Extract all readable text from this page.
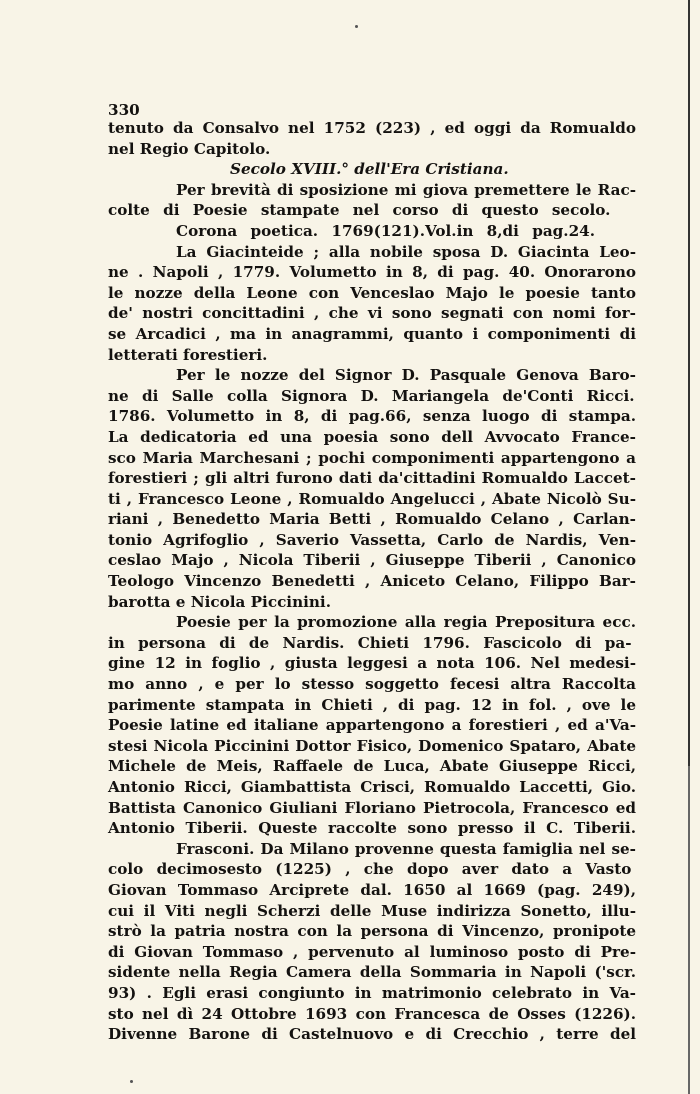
330
tenuto da Consalvo nel 1752 (223) , ed oggi da Romualdo
nel Regio Capitolo.
Secolo XVIII.° dell'Era Cristiana.
Per brevità di sposizione mi giova premettere le Rac-
colte di Poesie stampate nel corso di questo secolo.
Corona poetica. 1769(121).Vol.in 8,di pag.24.
La Giacinteide ; alla nobile sposa D. Giacinta Leo-
ne . Napoli , 1779. Volumetto in 8, di pag. 40. Onorarono
le nozze della Leone con Venceslao Majo le poesie tanto
de' nostri concittadini , che vi sono segnati con nomi for-
se Arcadici , ma in anagrammi, quanto i componimenti di
letterati forestieri.
Per le nozze del Signor D. Pasquale Genova Baro-
ne di Salle colla Signora D. Mariangela de'Conti Ricci.
1786. Volumetto in 8, di pag.66, senza luogo di stampa.
La dedicatoria ed una poesia sono dell Avvocato France-
sco Maria Marchesani ; pochi componimenti appartengono a
forestieri ; gli altri furono dati da'cittadini Romualdo Laccet-
ti , Francesco Leone , Romualdo Angelucci , Abate Nicolò Su-
riani , Benedetto Maria Betti , Romualdo Celano , Carlan-
tonio Agrifoglio , Saverio Vassetta, Carlo de Nardis, Ven-
ceslao Majo , Nicola Tiberii , Giuseppe Tiberii , Canonico
Teologo Vincenzo Benedetti , Aniceto Celano, Filippo Bar-
barotta e Nicola Piccinini.
Poesie per la promozione alla regia Prepositura ecc.
in persona di de Nardis. Chieti 1796. Fascicolo di pa-
gine 12 in foglio , giusta leggesi a nota 106. Nel medesi-
mo anno , e per lo stesso soggetto fecesi altra Raccolta
parimente stampata in Chieti , di pag. 12 in fol. , ove le
Poesie latine ed italiane appartengono a forestieri , ed a'Va-
stesi Nicola Piccinini Dottor Fisico, Domenico Spataro, Abate
Michele de Meis, Raffaele de Luca, Abate Giuseppe Ricci,
Antonio Ricci, Giambattista Crisci, Romualdo Laccetti, Gio.
Battista Canonico Giuliani Floriano Pietrocola, Francesco ed
Antonio Tiberii. Queste raccolte sono presso il C. Tiberii.
Frasconi. Da Milano provenne questa famiglia nel se-
colo decimosesto (1225) , che dopo aver dato a Vasto
Giovan Tommaso Arciprete dal. 1650 al 1669 (pag. 249),
cui il Viti negli Scherzi delle Muse indirizza Sonetto, illu-
strò la patria nostra con la persona di Vincenzo, pronipote
di Giovan Tommaso , pervenuto al luminoso posto di Pre-
sidente nella Regia Camera della Sommaria in Napoli ('scr.
93) . Egli erasi congiunto in matrimonio celebrato in Va-
sto nel dì 24 Ottobre 1693 con Francesca de Osses (1226).
Divenne Barone di Castelnuovo e di Crecchio , terre del
